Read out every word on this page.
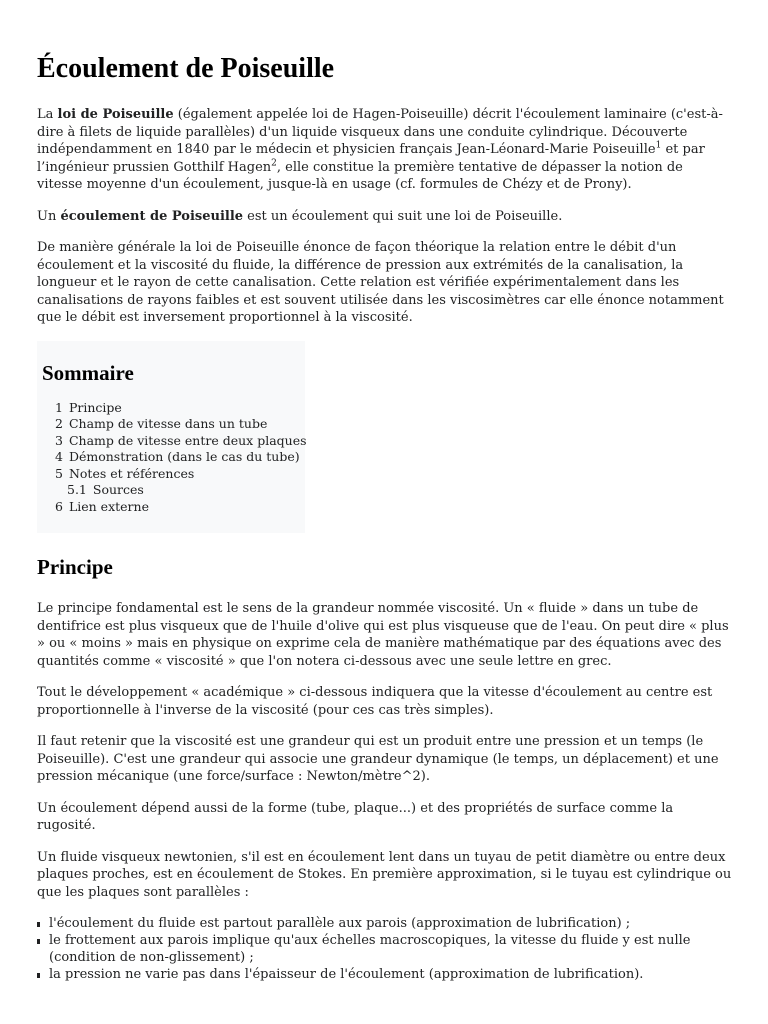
Écoulement de Poiseuille

La loi de Poiseuille (également appelée loi de Hagen-Poiseuille) décrit l'écoulement laminaire (c'est-à-dire à filets de liquide parallèles) d'un liquide visqueux dans une conduite cylindrique. Découverte indépendamment en 1840 par le médecin et physicien français Jean-Léonard-Marie Poiseuille$^1$ et par l’ingénieur prussien Gotthilf Hagen$^2$, elle constitue la première tentative de dépasser la notion de vitesse moyenne d'un écoulement, jusque-là en usage (cf. formules de Chézy et de Prony).

Un écoulement de Poiseuille est un écoulement qui suit une loi de Poiseuille.

De manière générale la loi de Poiseuille énonce de façon théorique la relation entre le débit d'un écoulement et la viscosité du fluide, la différence de pression aux extrémités de la canalisation, la longueur et le rayon de cette canalisation. Cette relation est vérifiée expérimentalement dans les canalisations de rayons faibles et est souvent utilisée dans les viscosimètres car elle énonce notamment que le débit est inversement proportionnel à la viscosité.

Sommaire
1 Principe
2 Champ de vitesse dans un tube
3 Champ de vitesse entre deux plaques
4 Démonstration (dans le cas du tube)
5 Notes et références
5.1 Sources
6 Lien externe
Principe

Le principe fondamental est le sens de la grandeur nommée viscosité. Un « fluide » dans un tube de dentifrice est plus visqueux que de l'huile d'olive qui est plus visqueuse que de l'eau. On peut dire « plus » ou « moins » mais en physique on exprime cela de manière mathématique par des équations avec des quantités comme « viscosité » que l'on notera ci-dessous avec une seule lettre en grec.

Tout le développement « académique » ci-dessous indiquera que la vitesse d'écoulement au centre est proportionnelle à l'inverse de la viscosité (pour ces cas très simples).

Il faut retenir que la viscosité est une grandeur qui est un produit entre une pression et un temps (le Poiseuille). C'est une grandeur qui associe une grandeur dynamique (le temps, un déplacement) et une pression mécanique (une force/surface : Newton/mètre^2).

Un écoulement dépend aussi de la forme (tube, plaque...) et des propriétés de surface comme la rugosité.

Un fluide visqueux newtonien, s'il est en écoulement lent dans un tuyau de petit diamètre ou entre deux plaques proches, est en écoulement de Stokes. En première approximation, si le tuyau est cylindrique ou que les plaques sont parallèles :

l'écoulement du fluide est partout parallèle aux parois (approximation de lubrification) ;
le frottement aux parois implique qu'aux échelles macroscopiques, la vitesse du fluide y est nulle (condition de non-glissement) ;
la pression ne varie pas dans l'épaisseur de l'écoulement (approximation de lubrification).
